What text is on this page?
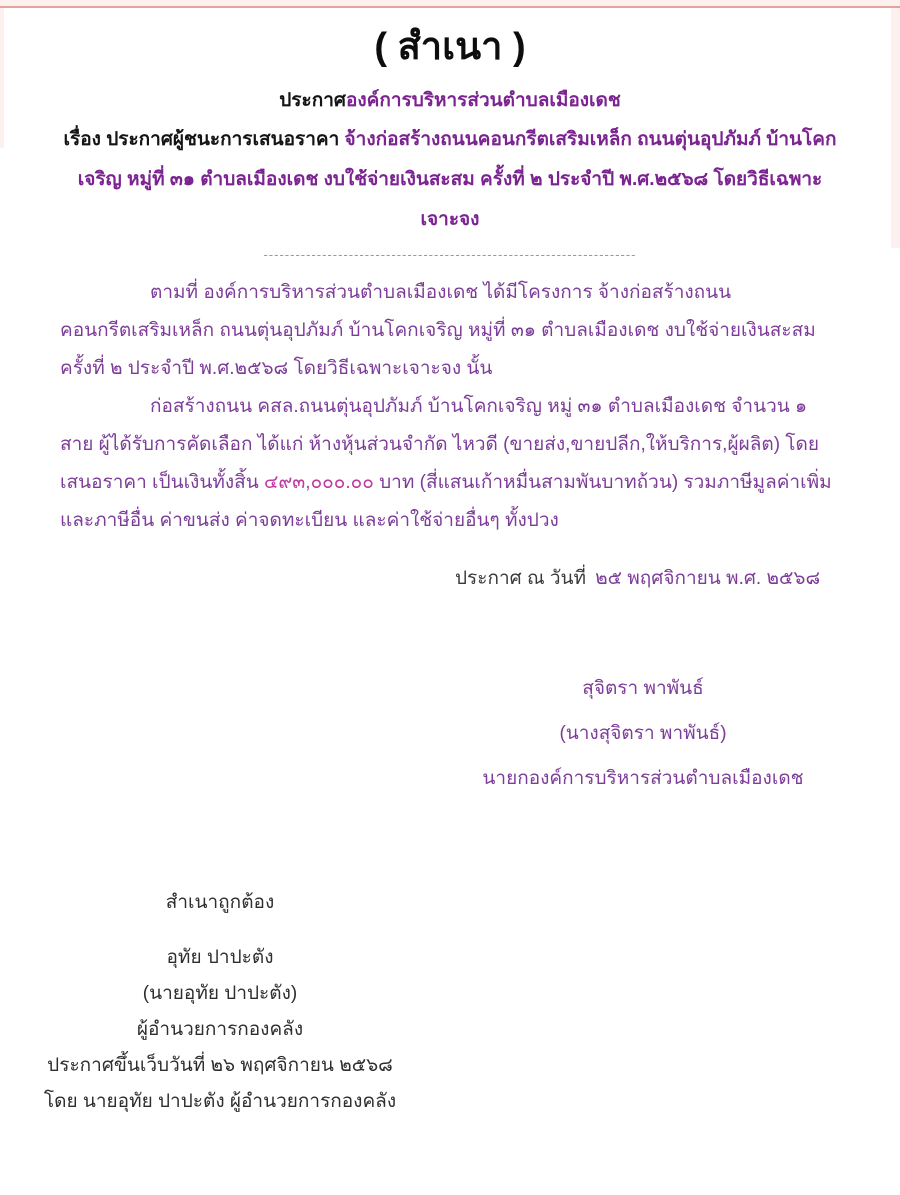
( สำเนา )
ประกาศองค์การบริหารส่วนตำบลเมืองเดช
เรื่อง ประกาศผู้ชนะการเสนอราคา จ้างก่อสร้างถนนคอนกรีตเสริมเหล็ก ถนนตุ่นอุปภัมภ์ บ้านโคกเจริญ หมู่ที่ ๓๑ ตำบลเมืองเดช งบใช้จ่ายเงินสะสม ครั้งที่ ๒ ประจำปี พ.ศ.๒๕๖๘ โดยวิธีเฉพาะเจาะจง
----------------------------------------------------------------------

ตามที่ องค์การบริหารส่วนตำบลเมืองเดช ได้มีโครงการ จ้างก่อสร้างถนนคอนกรีตเสริมเหล็ก ถนนตุ่นอุปภัมภ์ บ้านโคกเจริญ หมู่ที่ ๓๑ ตำบลเมืองเดช งบใช้จ่ายเงินสะสม ครั้งที่ ๒ ประจำปี พ.ศ.๒๕๖๘ โดยวิธีเฉพาะเจาะจง นั้น

ก่อสร้างถนน คสล.ถนนตุ่นอุปภัมภ์ บ้านโคกเจริญ หมู่ ๓๑ ตำบลเมืองเดช จำนวน ๑ สาย ผู้ได้รับการคัดเลือก ได้แก่ ห้างหุ้นส่วนจำกัด ไหวดี (ขายส่ง,ขายปลีก,ให้บริการ,ผู้ผลิต) โดยเสนอราคา เป็นเงินทั้งสิ้น ๔๙๓,๐๐๐.๐๐ บาท (สี่แสนเก้าหมื่นสามพันบาทถ้วน) รวมภาษีมูลค่าเพิ่มและภาษีอื่น ค่าขนส่ง ค่าจดทะเบียน และค่าใช้จ่ายอื่นๆ ทั้งปวง

ประกาศ ณ วันที่ ๒๕ พฤศจิกายน พ.ศ. ๒๕๖๘
สุจิตรา พาพันธ์
(นางสุจิตรา พาพันธ์)
นายกองค์การบริหารส่วนตำบลเมืองเดช
สำเนาถูกต้อง
อุทัย ปาปะตัง
(นายอุทัย ปาปะตัง)
ผู้อำนวยการกองคลัง
ประกาศขึ้นเว็บวันที่ ๒๖ พฤศจิกายน ๒๕๖๘
โดย นายอุทัย ปาปะตัง ผู้อำนวยการกองคลัง
